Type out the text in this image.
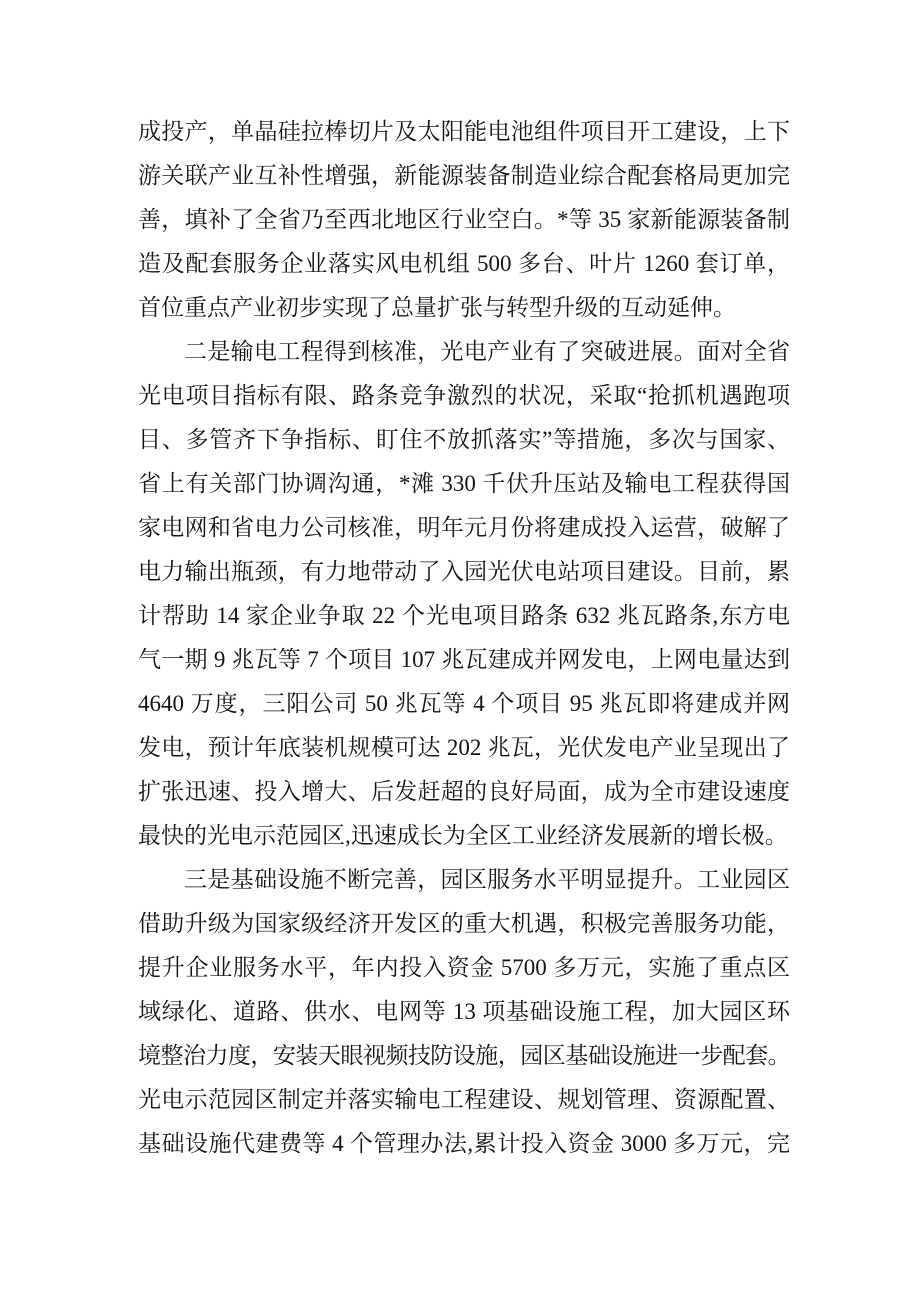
成投产，单晶硅拉棒切片及太阳能电池组件项目开工建设，上下
游关联产业互补性增强，新能源装备制造业综合配套格局更加完
善，填补了全省乃至西北地区行业空白。*等 35 家新能源装备制
造及配套服务企业落实风电机组 500 多台、叶片 1260 套订单，
首位重点产业初步实现了总量扩张与转型升级的互动延伸。
二是输电工程得到核准，光电产业有了突破进展。面对全省
光电项目指标有限、路条竞争激烈的状况，采取“抢抓机遇跑项
目、多管齐下争指标、盯住不放抓落实”等措施，多次与国家、
省上有关部门协调沟通，*滩 330 千伏升压站及输电工程获得国
家电网和省电力公司核准，明年元月份将建成投入运营，破解了
电力输出瓶颈，有力地带动了入园光伏电站项目建设。目前，累
计帮助 14 家企业争取 22 个光电项目路条 632 兆瓦路条,东方电
气一期 9 兆瓦等 7 个项目 107 兆瓦建成并网发电，上网电量达到
4640 万度，三阳公司 50 兆瓦等 4 个项目 95 兆瓦即将建成并网
发电，预计年底装机规模可达 202 兆瓦，光伏发电产业呈现出了
扩张迅速、投入增大、后发赶超的良好局面，成为全市建设速度
最快的光电示范园区,迅速成长为全区工业经济发展新的增长极。
三是基础设施不断完善，园区服务水平明显提升。工业园区
借助升级为国家级经济开发区的重大机遇，积极完善服务功能，
提升企业服务水平，年内投入资金 5700 多万元，实施了重点区
域绿化、道路、供水、电网等 13 项基础设施工程，加大园区环
境整治力度，安装天眼视频技防设施，园区基础设施进一步配套。
光电示范园区制定并落实输电工程建设、规划管理、资源配置、
基础设施代建费等 4 个管理办法,累计投入资金 3000 多万元，完
